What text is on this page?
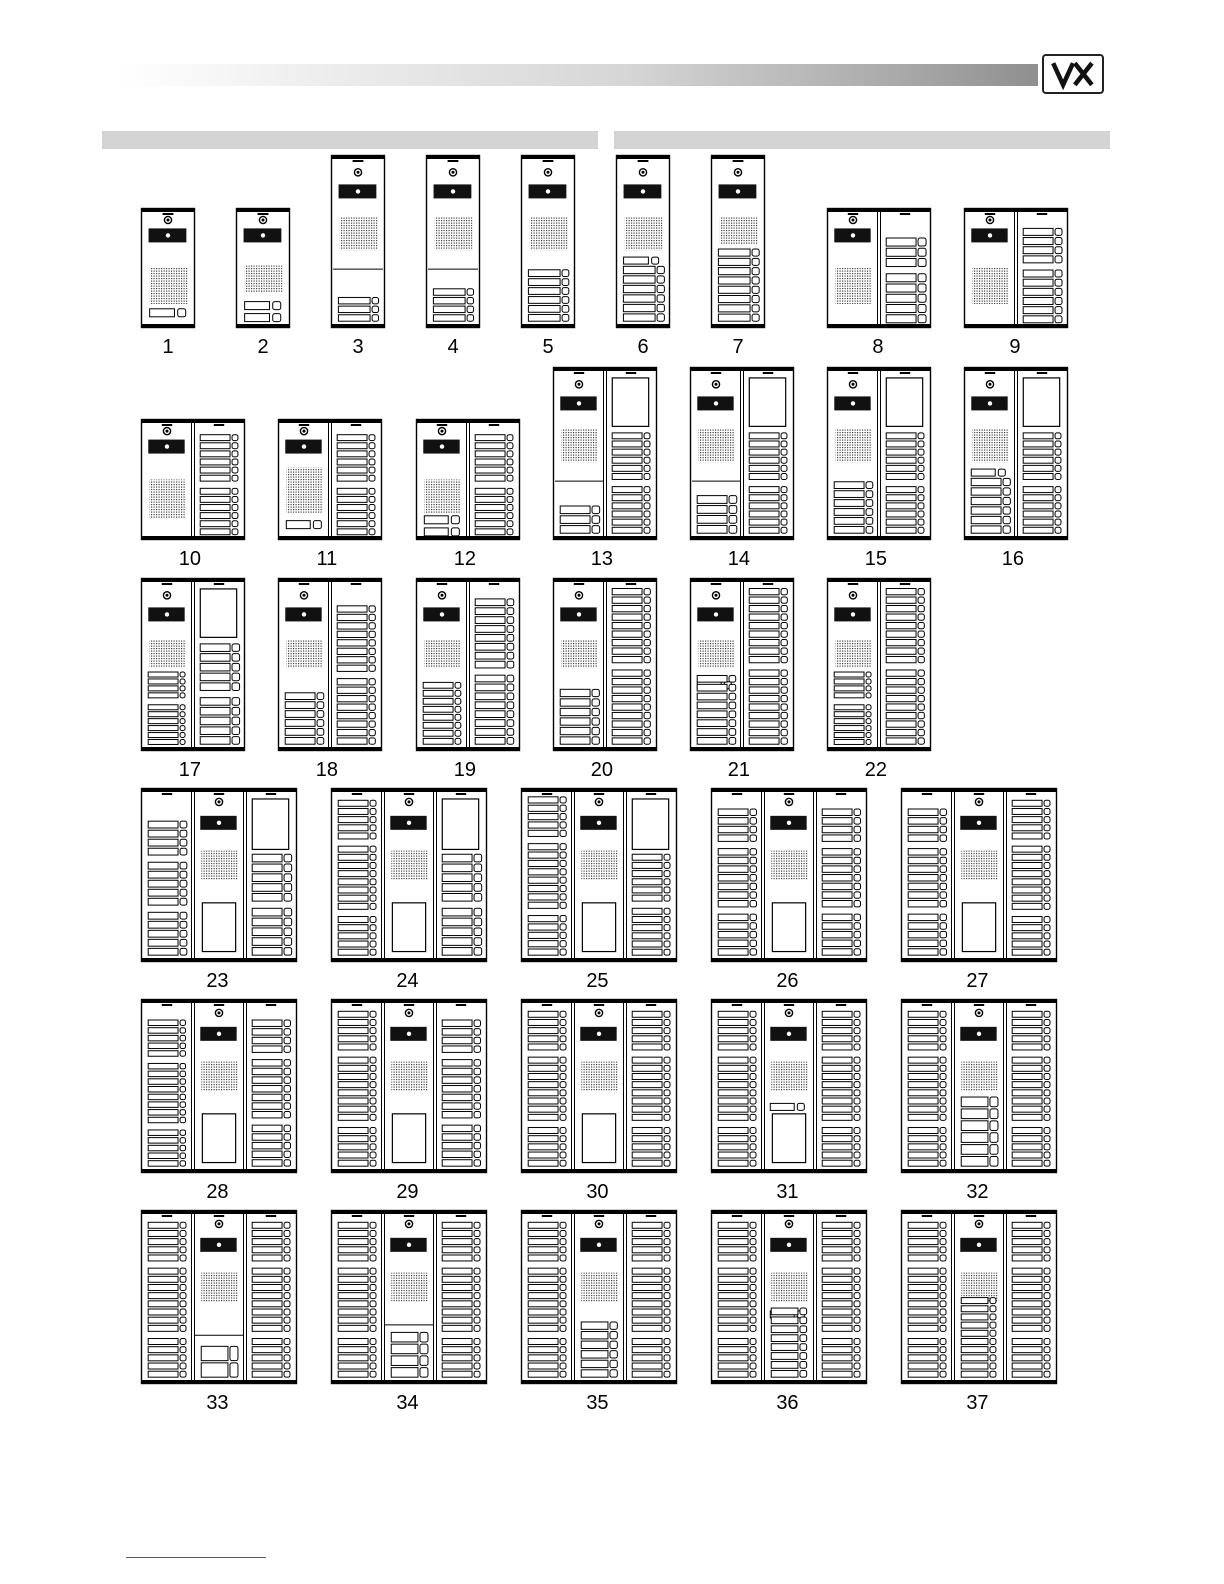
1	2	3	4	5	6	7	8	9
10	11	12	13	14	15	16
17	18	19	20	21	22
23	24	25	26	27
28	29	30	31	32
33	34	35	36	37
